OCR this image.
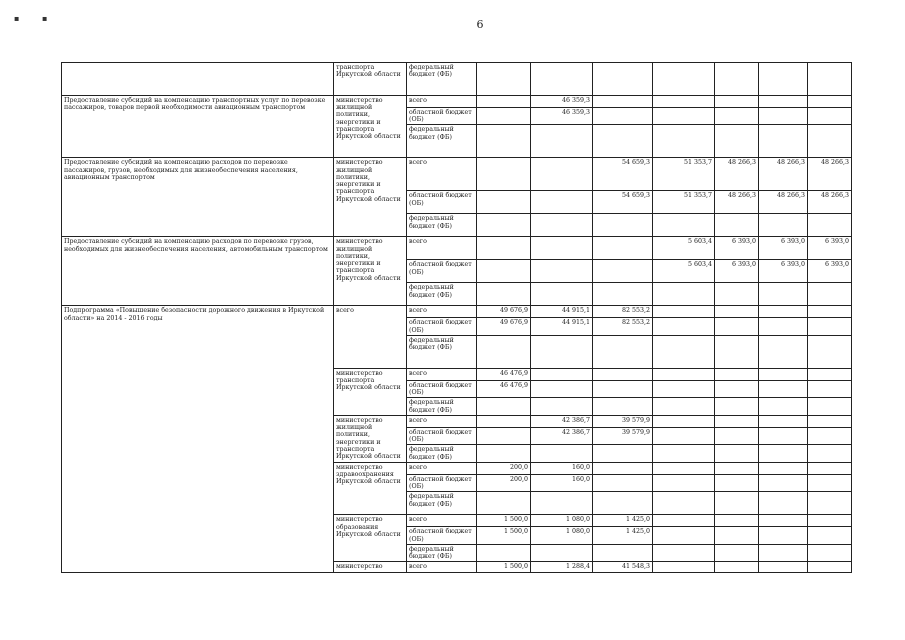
▪ ▪	6
	транспорта Иркутской области	федеральный бюджет (ФБ)							
Предоставление субсидий на компенсацию транспортных услуг по перевозке пассажиров, товаров первой необходимости авиационным транспортом	министерство жилищной политики, энергетики и транспорта Иркутской области	всего		46 359,3					
		областной бюджет (ОБ)		46 359,3					
		федеральный бюджет (ФБ)							
Предоставление субсидий на компенсацию расходов по перевозке пассажиров, грузов, необходимых для жизнеобеспечения населения, авиационным транспортом	министерство жилищной политики, энергетики и транспорта Иркутской области	всего			54 659,3	51 353,7	48 266,3	48 266,3	48 266,3
		областной бюджет (ОБ)			54 659,3	51 353,7	48 266,3	48 266,3	48 266,3
		федеральный бюджет (ФБ)							
Предоставление субсидий на компенсацию расходов по перевозке грузов, необходимых для жизнеобеспечения населения, автомобильным транспортом	министерство жилищной политики, энергетики и транспорта Иркутской области	всего				5 603,4	6 393,0	6 393,0	6 393,0
		областной бюджет (ОБ)				5 603,4	6 393,0	6 393,0	6 393,0
		федеральный бюджет (ФБ)							
Подпрограмма «Повышение безопасности дорожного движения в Иркутской области» на 2014 - 2016 годы	всего	всего	49 676,9	44 915,1	82 553,2				
		областной бюджет (ОБ)	49 676,9	44 915,1	82 553,2				
		федеральный бюджет (ФБ)							
	министерство транспорта Иркутской области	всего	46 476,9						
		областной бюджет (ОБ)	46 476,9						
		федеральный бюджет (ФБ)							
	министерство жилищной политики, энергетики и транспорта Иркутской области	всего		42 386,7	39 579,9				
		областной бюджет (ОБ)		42 386,7	39 579,9				
		федеральный бюджет (ФБ)							
	министерство здравоохранения Иркутской области	всего	200,0	160,0					
		областной бюджет (ОБ)	200,0	160,0					
		федеральный бюджет (ФБ)							
	министерство образования Иркутской области	всего	1 500,0	1 080,0	1 425,0				
		областной бюджет (ОБ)	1 500,0	1 080,0	1 425,0				
		федеральный бюджет (ФБ)							
	министерство	всего	1 500,0	1 288,4	41 548,3				
